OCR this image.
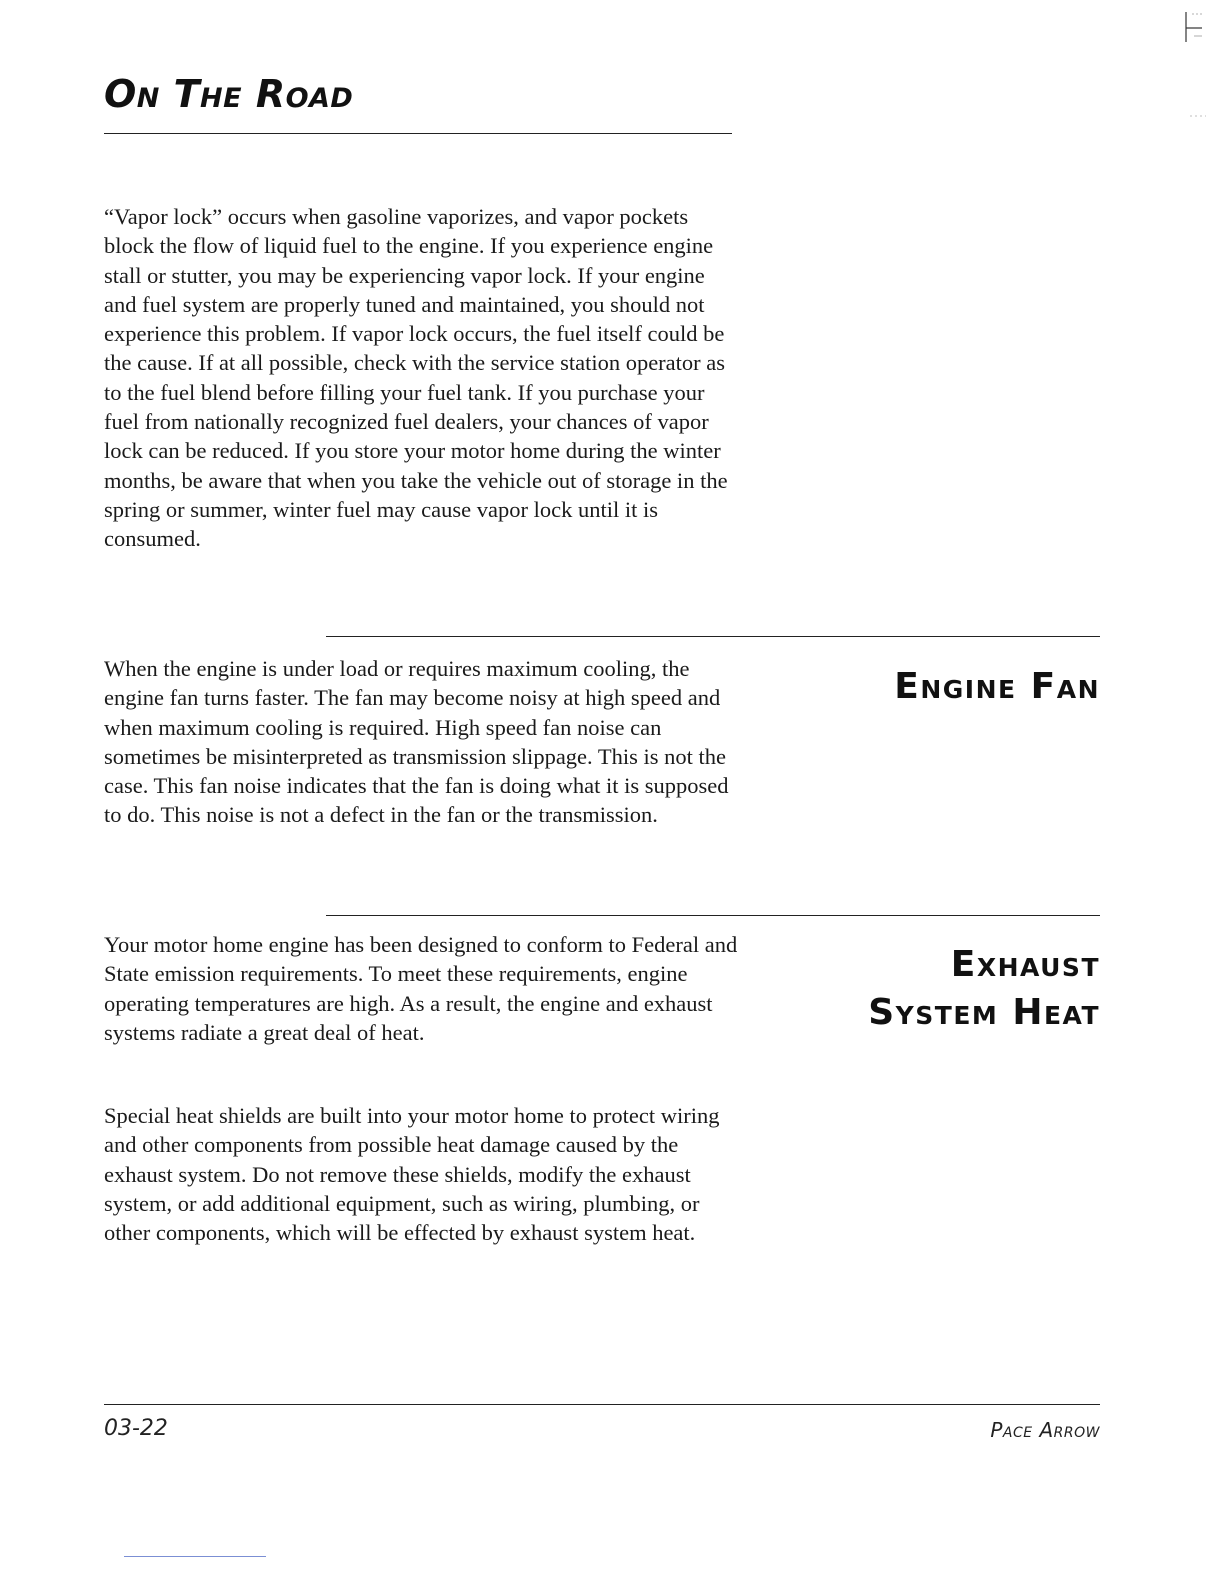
On The Road

“Vapor lock” occurs when gasoline vaporizes, and vapor pockets block the flow of liquid fuel to the engine. If you experience engine stall or stutter, you may be experiencing vapor lock. If your engine and fuel system are properly tuned and maintained, you should not experience this problem. If vapor lock occurs, the fuel itself could be the cause. If at all possible, check with the service station operator as to the fuel blend before filling your fuel tank. If you purchase your fuel from nationally recognized fuel dealers, your chances of vapor lock can be reduced. If you store your motor home during the winter months, be aware that when you take the vehicle out of storage in the spring or summer, winter fuel may cause vapor lock until it is consumed.

When the engine is under load or requires maximum cooling, the engine fan turns faster. The fan may become noisy at high speed and when maximum cooling is required. High speed fan noise can sometimes be misinterpreted as transmission slippage. This is not the case. This fan noise indicates that the fan is doing what it is supposed to do. This noise is not a defect in the fan or the transmission.

Engine Fan

Your motor home engine has been designed to conform to Federal and State emission requirements. To meet these requirements, engine operating temperatures are high. As a result, the engine and exhaust systems radiate a great deal of heat.

Special heat shields are built into your motor home to protect wiring and other components from possible heat damage caused by the exhaust system. Do not remove these shields, modify the exhaust system, or add additional equipment, such as wiring, plumbing, or other components, which will be effected by exhaust system heat.

Exhaust
System Heat

03-22	Pace Arrow
